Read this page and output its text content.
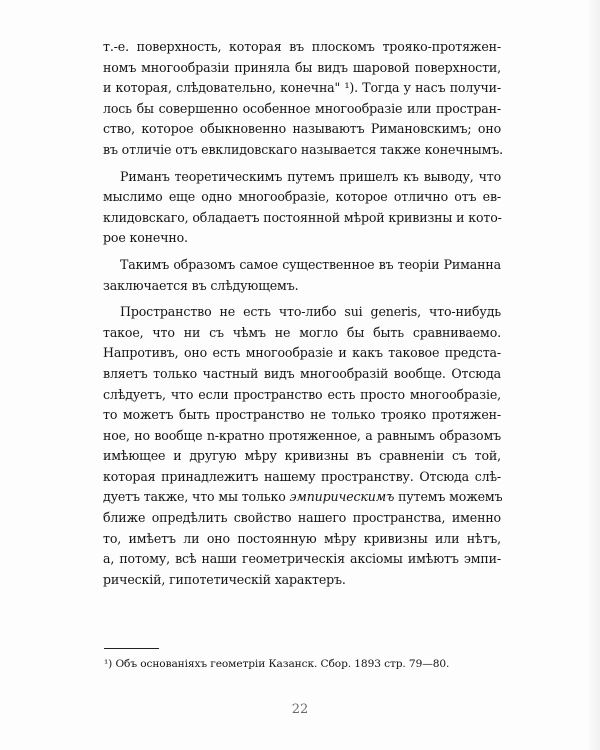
т.-е. поверхность, которая въ плоскомъ трояко-протяжен-
номъ многообразіи приняла бы видъ шаровой поверхности,
и которая, слѣдовательно, конечна" ¹). Тогда у насъ получи-
лось бы совершенно особенное многообразіе или простран-
ство, которое обыкновенно называютъ Римановскимъ; оно
въ отличіе отъ евклидовскаго называется также конечнымъ.
Риманъ теоретическимъ путемъ пришелъ къ выводу, что
мыслимо еще одно многообразіе, которое отлично отъ ев-
клидовскаго, обладаетъ постоянной мѣрой кривизны и кото-
рое конечно.
Такимъ образомъ самое существенное въ теоріи Риманна
заключается въ слѣдующемъ.
Пространство не есть что-либо sui generis, что-нибудь
такое, что ни съ чѣмъ не могло бы быть сравниваемо.
Напротивъ, оно есть многообразіе и какъ таковое предста-
вляетъ только частный видъ многообразій вообще. Отсюда
слѣдуетъ, что если пространство есть просто многообразіе,
то можетъ быть пространство не только трояко протяжен-
ное, но вообще n-кратно протяженное, а равнымъ образомъ
имѣющее и другую мѣру кривизны въ сравненіи съ той,
которая принадлежитъ нашему пространству. Отсюда слѣ-
дуетъ также, что мы только эмпирическимъ путемъ можемъ
ближе опредѣлить свойство нашего пространства, именно
то, имѣетъ ли оно постоянную мѣру кривизны или нѣтъ,
а, потому, всѣ наши геометрическія аксіомы имѣютъ эмпи-
рическій, гипотетическій характеръ.
¹) Объ основаніяхъ геометріи Казанск. Сбор. 1893 стр. 79—80.
22
